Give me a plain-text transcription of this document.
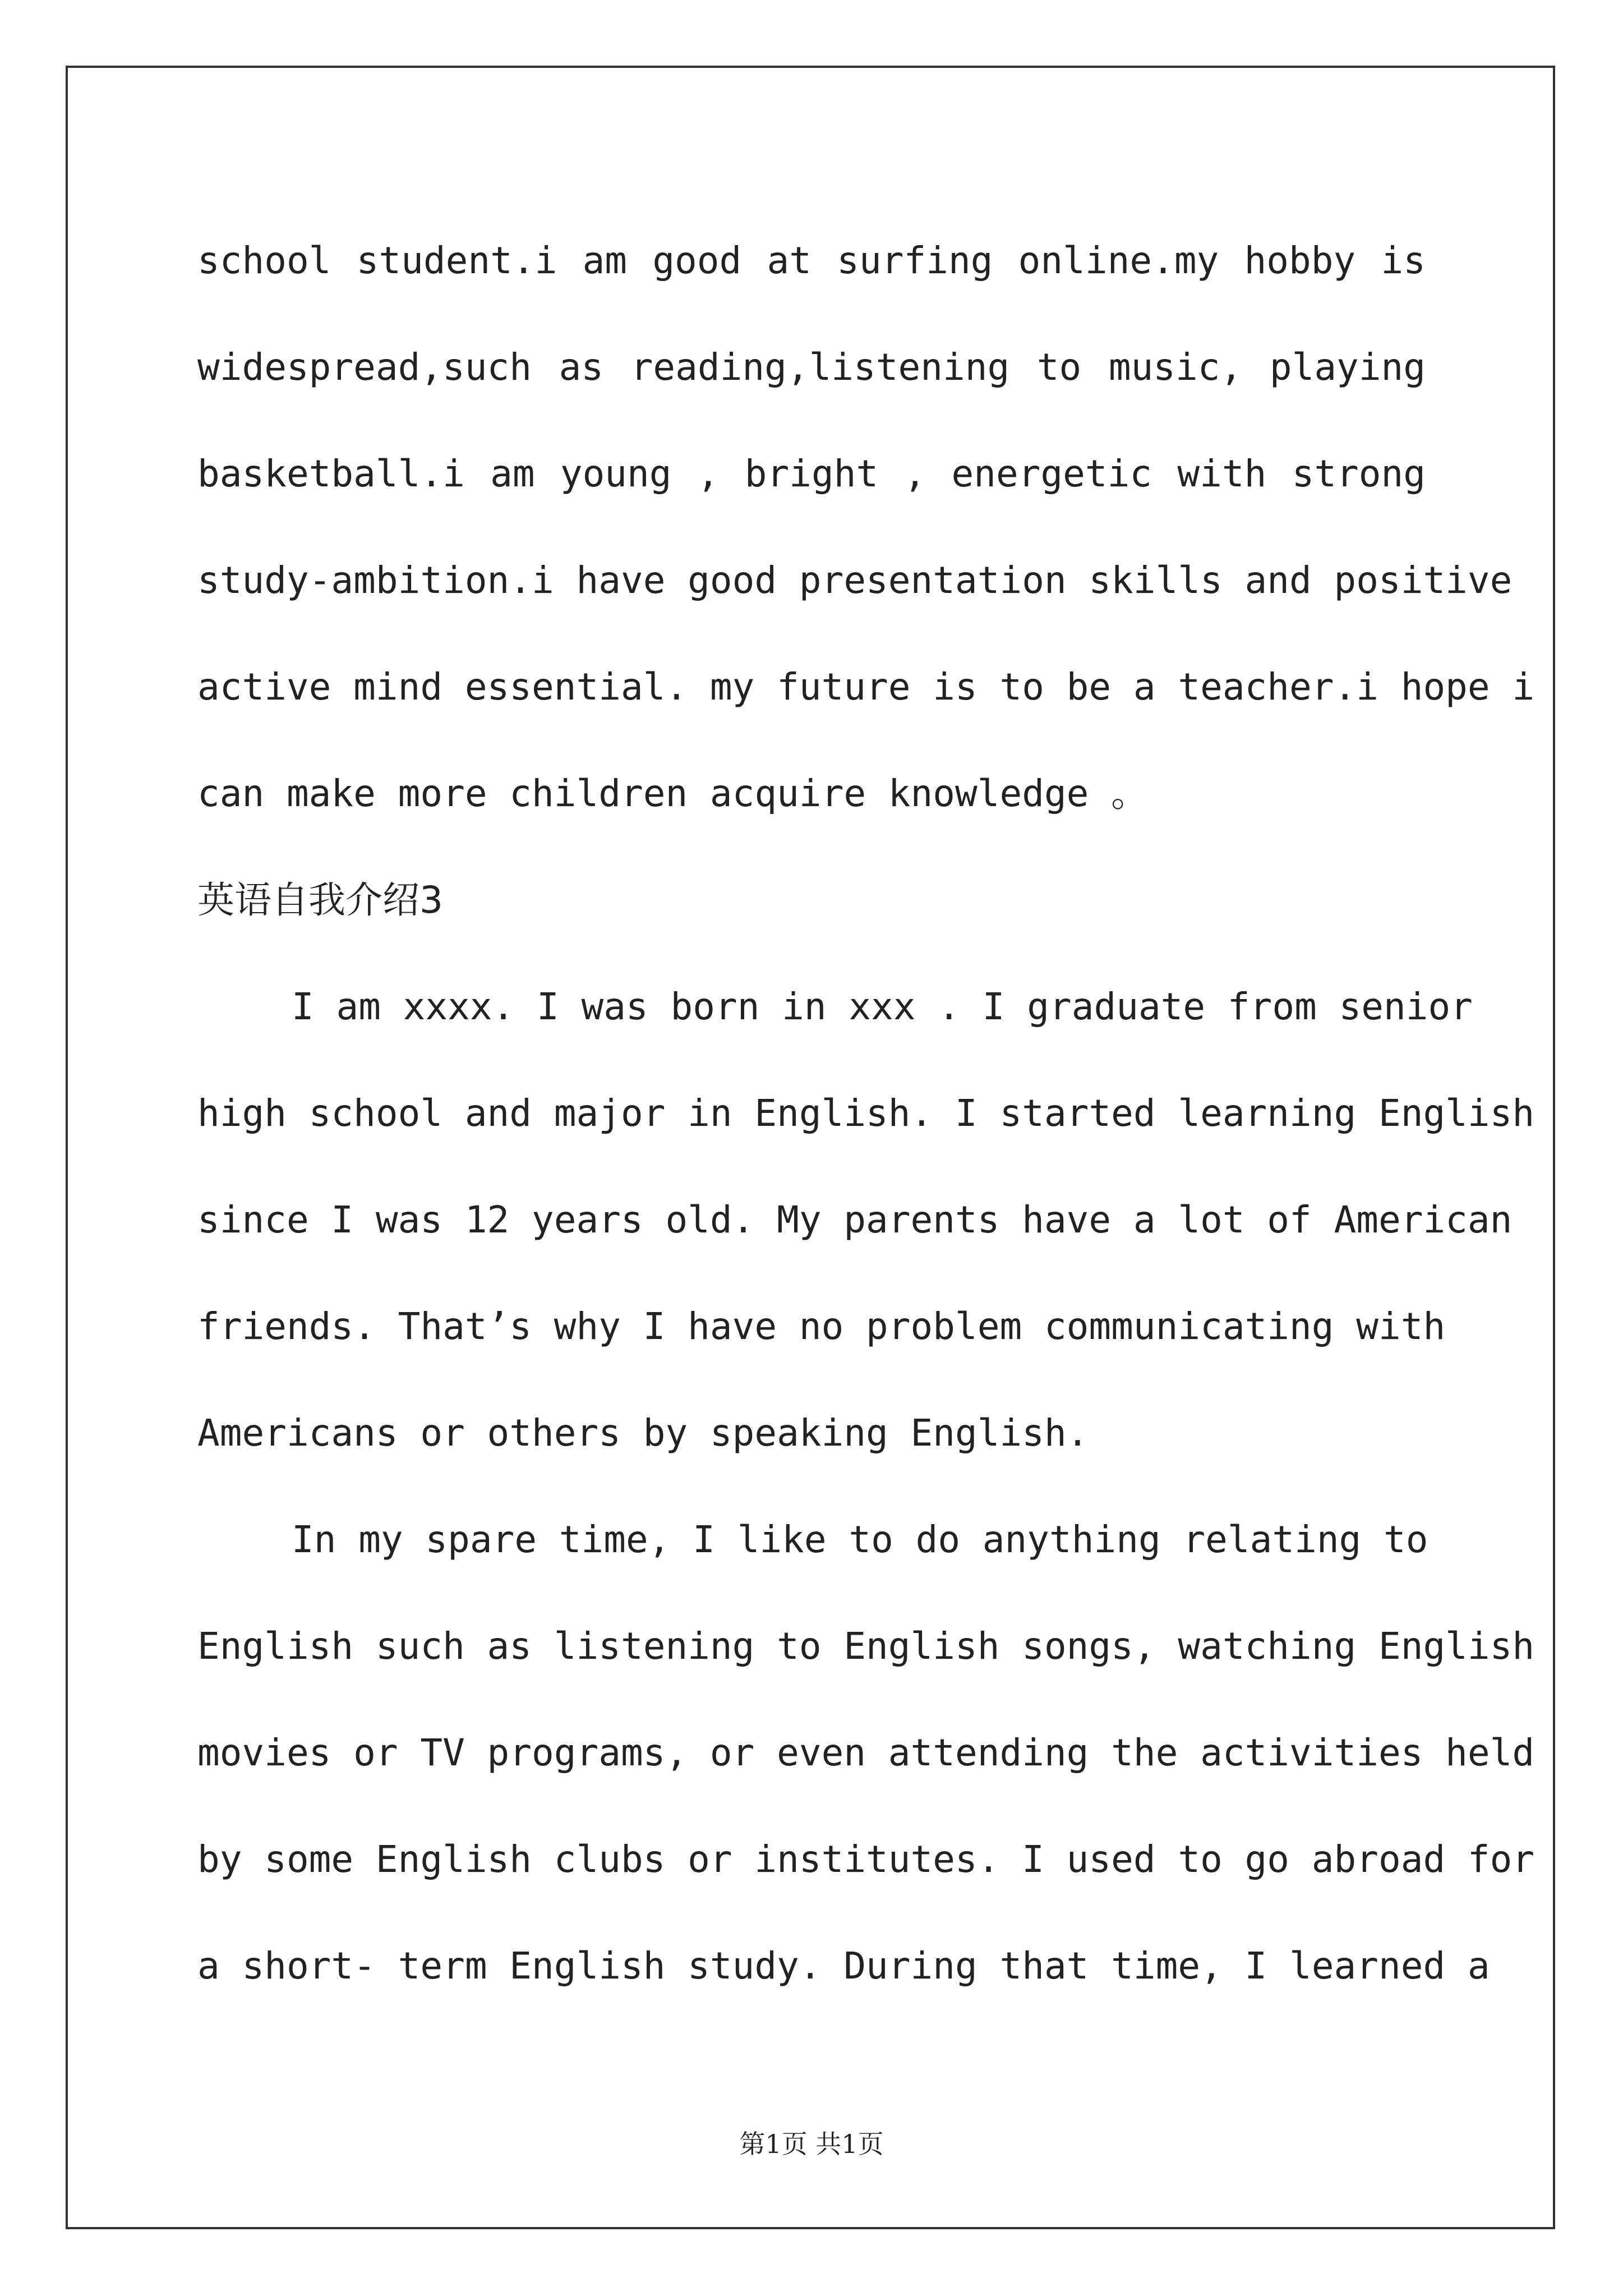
school student.i am good at surfing online.my hobby is
widespread,such as reading,listening to music, playing
basketball.i am young , bright , energetic with strong
study-ambition.i have good presentation skills and positive
active mind essential. my future is to be a teacher.i hope i
can make more children acquire knowledge 。
英语自我介绍3
I am xxxx. I was born in xxx . I graduate from senior
high school and major in English. I started learning English
since I was 12 years old. My parents have a lot of American
friends. That’s why I have no problem communicating with
Americans or others by speaking English.
In my spare time, I like to do anything relating to
English such as listening to English songs, watching English
movies or TV programs, or even attending the activities held
by some English clubs or institutes. I used to go abroad for
a short- term English study. During that time, I learned a
第1页 共1页
